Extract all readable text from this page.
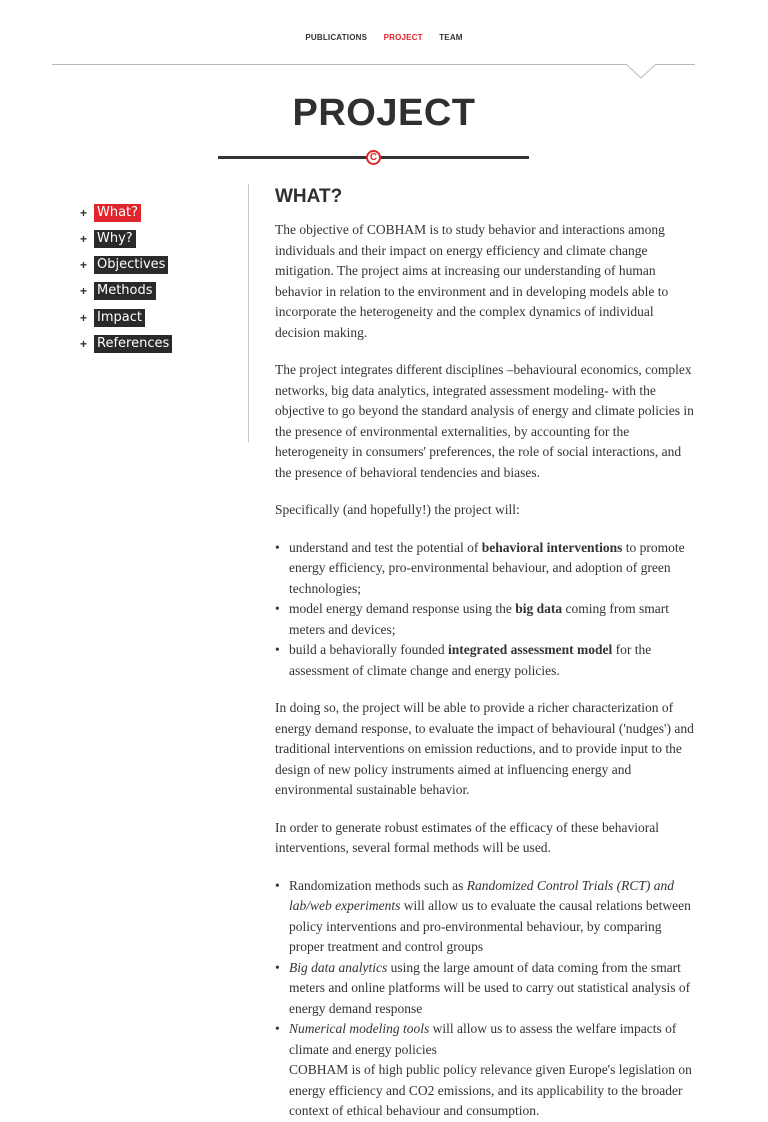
PUBLICATIONS PROJECT TEAM
PROJECT
C
+ What?
+ Why?
+ Objectives
+ Methods
+ Impact
+ References
WHAT?

The objective of COBHAM is to study behavior and interactions among individuals and their impact on energy efficiency and climate change mitigation. The project aims at increasing our understanding of human behavior in relation to the environment and in developing models able to incorporate the heterogeneity and the complex dynamics of individual decision making.

The project integrates different disciplines –behavioural economics, complex networks, big data analytics, integrated assessment modeling- with the objective to go beyond the standard analysis of energy and climate policies in the presence of environmental externalities, by accounting for the heterogeneity in consumers' preferences, the role of social interactions, and the presence of behavioral tendencies and biases.

Specifically (and hopefully!) the project will:

• understand and test the potential of behavioral interventions to promote energy efficiency, pro-environmental behaviour, and adoption of green technologies;
• model energy demand response using the big data coming from smart meters and devices;
• build a behaviorally founded integrated assessment model for the assessment of climate change and energy policies.

In doing so, the project will be able to provide a richer characterization of energy demand response, to evaluate the impact of behavioural ('nudges') and traditional interventions on emission reductions, and to provide input to the design of new policy instruments aimed at influencing energy and environmental sustainable behavior.

In order to generate robust estimates of the efficacy of these behavioral interventions, several formal methods will be used.

• Randomization methods such as Randomized Control Trials (RCT) and lab/web experiments will allow us to evaluate the causal relations between policy interventions and pro-environmental behaviour, by comparing proper treatment and control groups
• Big data analytics using the large amount of data coming from the smart meters and online platforms will be used to carry out statistical analysis of energy demand response
• Numerical modeling tools will allow us to assess the welfare impacts of climate and energy policies
COBHAM is of high public policy relevance given Europe's legislation on energy efficiency and CO2 emissions, and its applicability to the broader context of ethical behaviour and consumption.
